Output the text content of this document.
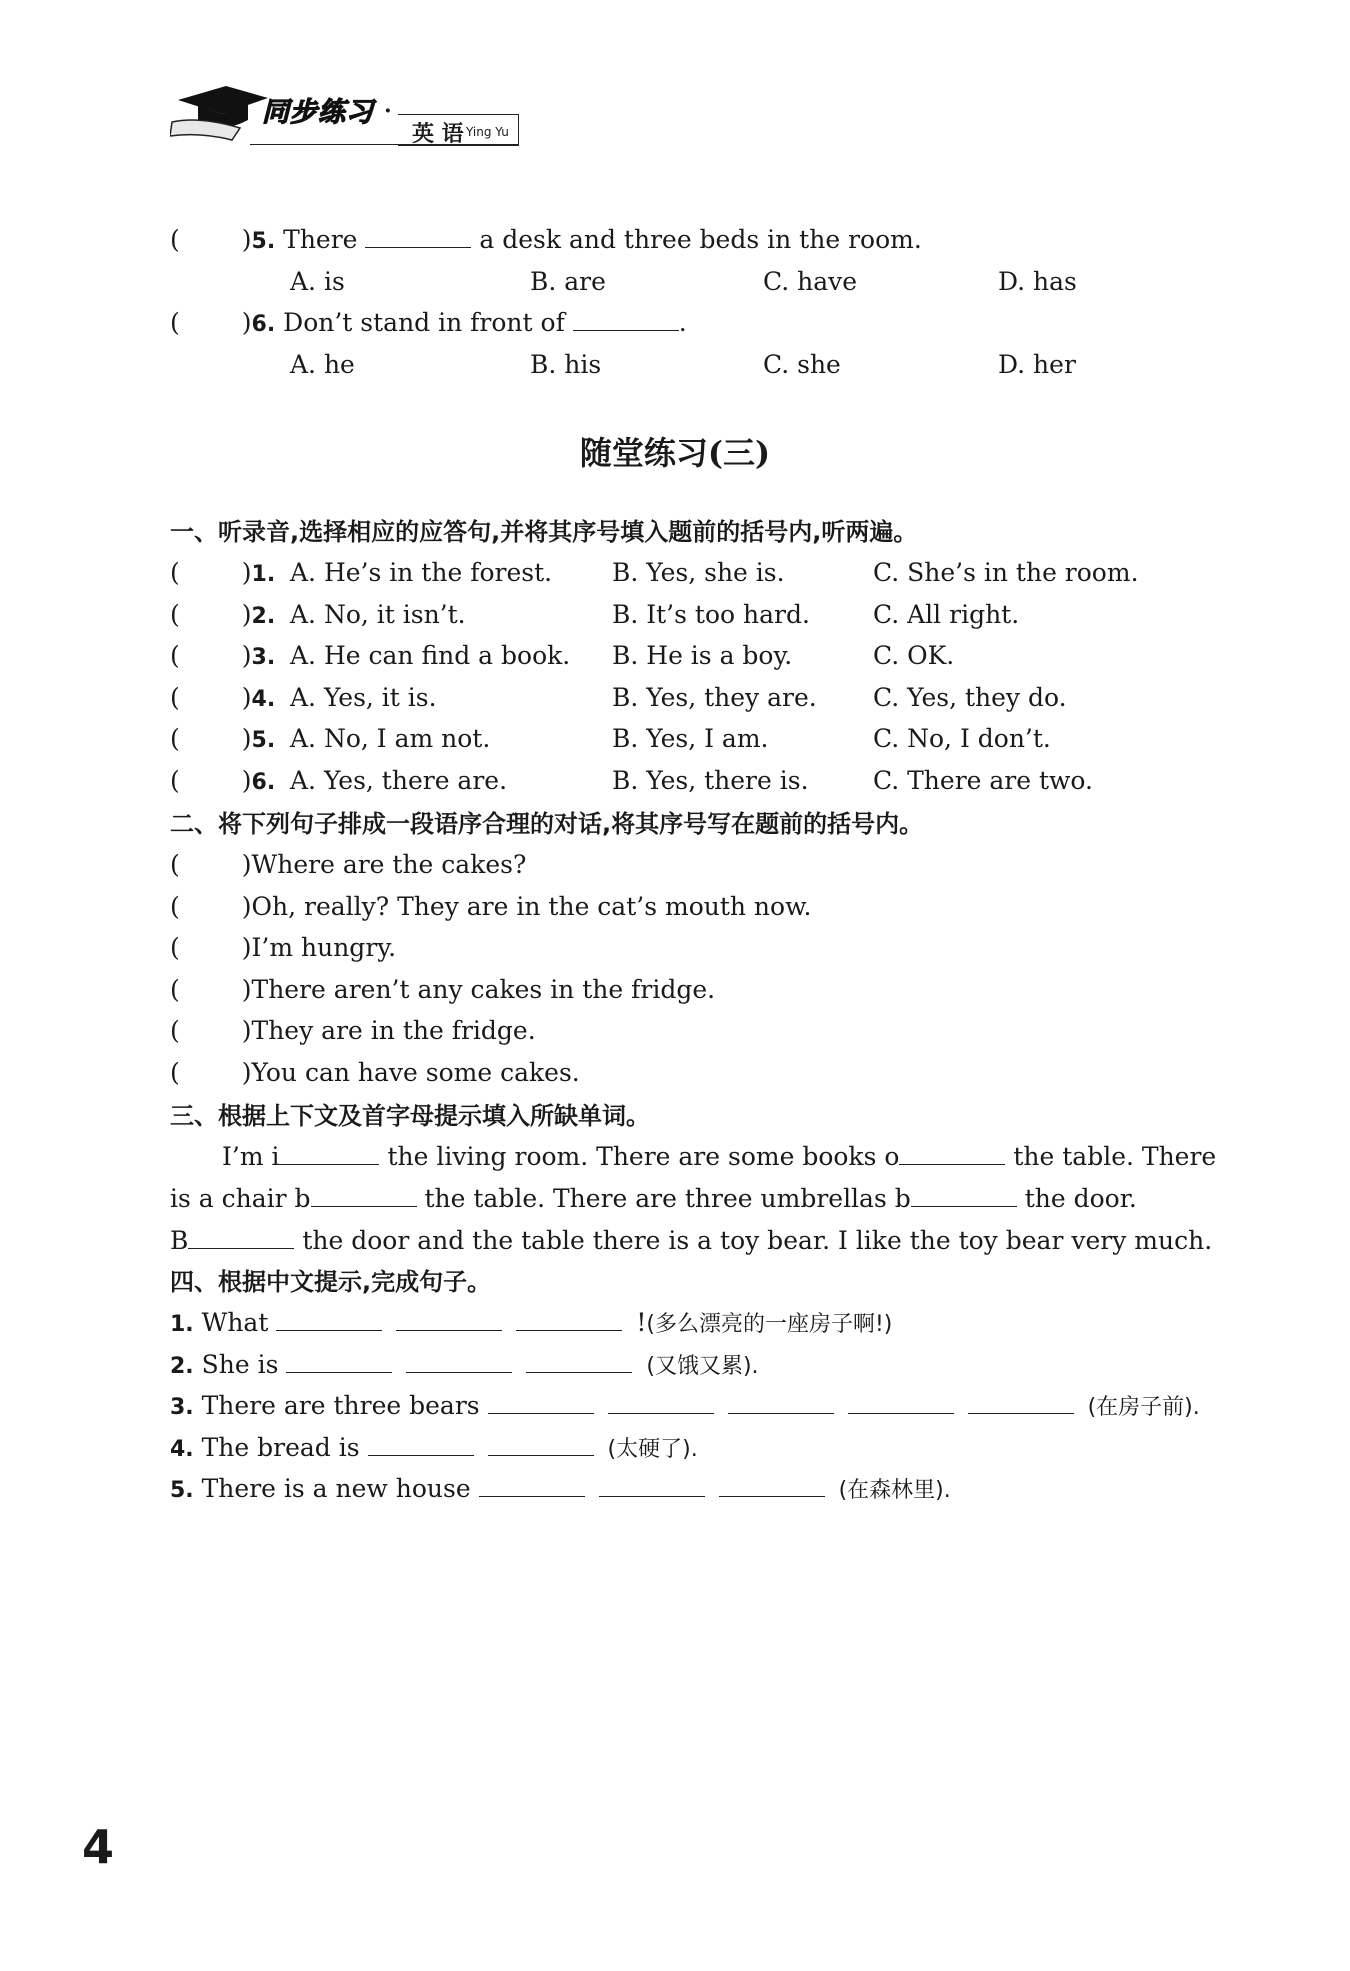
同步练习 ·
英 语 Ying Yu
( )5. There	a desk and three beds in the room.
A. is	B. are	C. have	D. has
( )6. Don’t stand in front of	.
A. he	B. his	C. she	D. her
随堂练习(三)
一、听录音,选择相应的应答句,并将其序号填入题前的括号内,听两遍。
( )1. A. He’s in the forest. B. Yes, she is.	C. She’s in the room.
( )2. A. No, it isn’t.	B. It’s too hard.	C. All right.
( )3. A. He can find a book. B. He is a boy.	C. OK.
( )4. A. Yes, it is.	B. Yes, they are. C. Yes, they do.
( )5. A. No, I am not.	B. Yes, I am.	C. No, I don’t.
( )6. A. Yes, there are.	B. Yes, there is.	C. There are two.
二、将下列句子排成一段语序合理的对话,将其序号写在题前的括号内。
( )Where are the cakes?
( )Oh, really? They are in the cat’s mouth now.
( )I’m hungry.
( )There aren’t any cakes in the fridge.
( )They are in the fridge.
( )You can have some cakes.
三、根据上下文及首字母提示填入所缺单词。
I’m i	the living room. There are some books o	the table. There
is a chair b	the table. There are three umbrellas b	the door.
B	the door and the table there is a toy bear. I like the toy bear very much.
四、根据中文提示,完成句子。
1. What	!(多么漂亮的一座房子啊!)
2. She is	(又饿又累).
3. There are three bears	(在房子前).
4. The bread is	(太硬了).
5. There is a new house	(在森林里).
4
